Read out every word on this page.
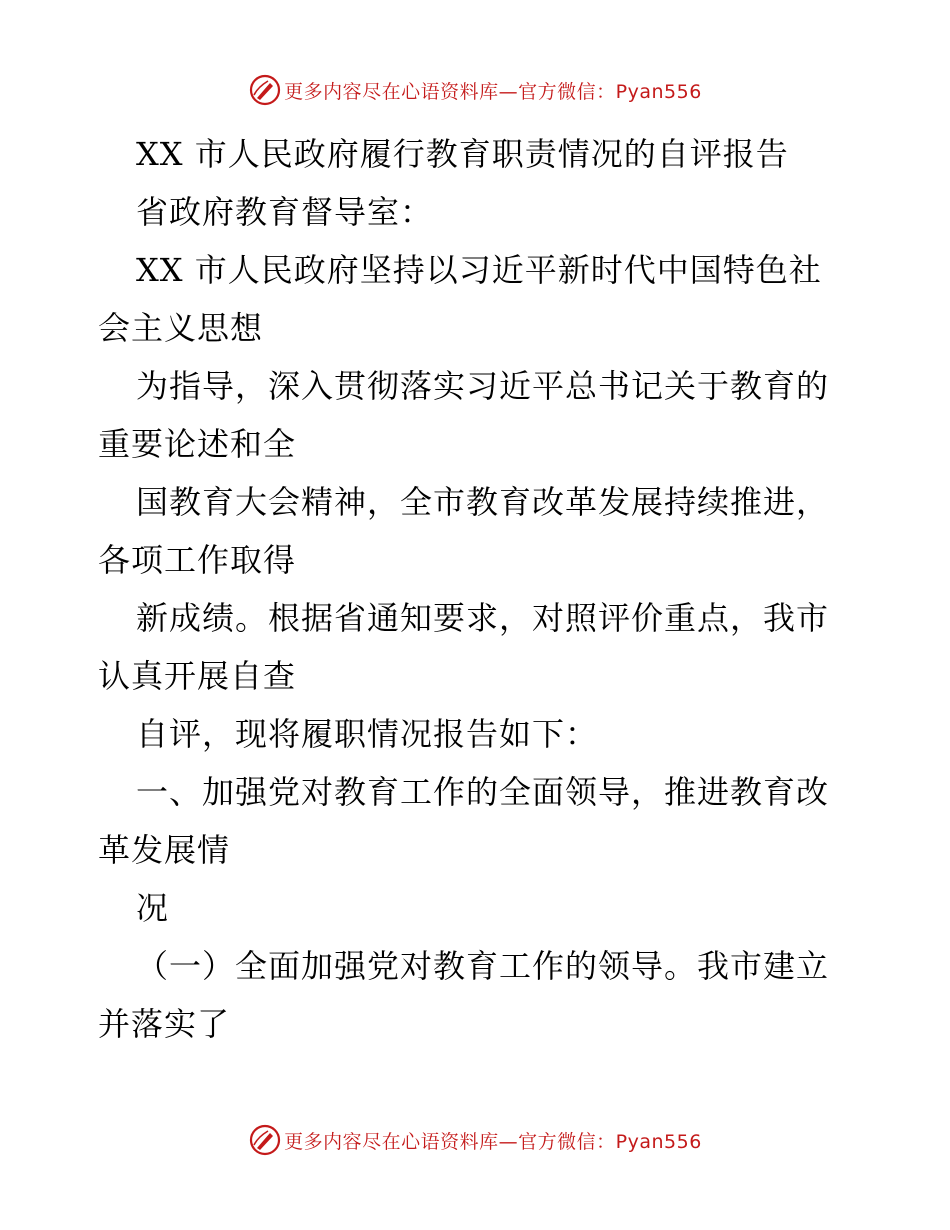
更多内容尽在心语资料库—官方微信：Pyan556
XX 市人民政府履行教育职责情况的自评报告
省政府教育督导室：
XX 市人民政府坚持以习近平新时代中国特色社
会主义思想
为指导，深入贯彻落实习近平总书记关于教育的
重要论述和全
国教育大会精神，全市教育改革发展持续推进，
各项工作取得
新成绩。根据省通知要求，对照评价重点，我市
认真开展自查
自评，现将履职情况报告如下：
一、加强党对教育工作的全面领导，推进教育改
革发展情
况
（一）全面加强党对教育工作的领导。我市建立
并落实了
更多内容尽在心语资料库—官方微信：Pyan556
